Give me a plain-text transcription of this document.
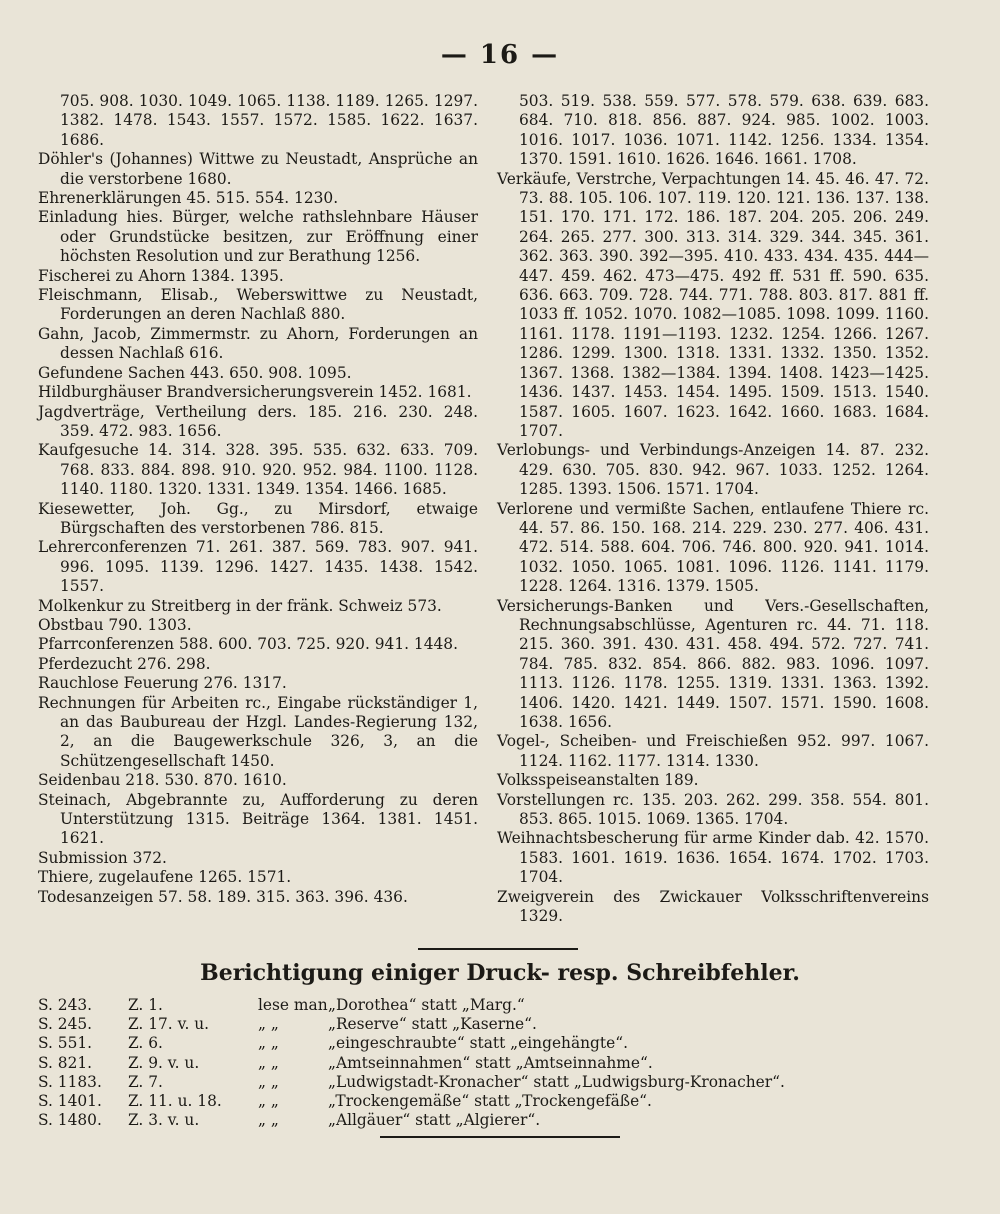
— 16 —

705. 908. 1030. 1049. 1065. 1138. 1189. 1265. 1297. 1382. 1478. 1543. 1557. 1572. 1585. 1622. 1637. 1686.

Döhler's (Johannes) Wittwe zu Neustadt, Ansprüche an die verstorbene 1680.

Ehrenerklärungen 45. 515. 554. 1230.

Einladung hies. Bürger, welche rathslehnbare Häuser oder Grundstücke besitzen, zur Eröffnung einer höchsten Resolution und zur Berathung 1256.

Fischerei zu Ahorn 1384. 1395.

Fleischmann, Elisab., Weberswittwe zu Neustadt, Forderungen an deren Nachlaß 880.

Gahn, Jacob, Zimmermstr. zu Ahorn, Forderungen an dessen Nachlaß 616.

Gefundene Sachen 443. 650. 908. 1095.

Hildburghäuser Brandversicherungsverein 1452. 1681.

Jagdverträge, Vertheilung ders. 185. 216. 230. 248. 359. 472. 983. 1656.

Kaufgesuche 14. 314. 328. 395. 535. 632. 633. 709. 768. 833. 884. 898. 910. 920. 952. 984. 1100. 1128. 1140. 1180. 1320. 1331. 1349. 1354. 1466. 1685.

Kiesewetter, Joh. Gg., zu Mirsdorf, etwaige Bürgschaften des verstorbenen 786. 815.

Lehrerconferenzen 71. 261. 387. 569. 783. 907. 941. 996. 1095. 1139. 1296. 1427. 1435. 1438. 1542. 1557.

Molkenkur zu Streitberg in der fränk. Schweiz 573.

Obstbau 790. 1303.

Pfarrconferenzen 588. 600. 703. 725. 920. 941. 1448.

Pferdezucht 276. 298.

Rauchlose Feuerung 276. 1317.

Rechnungen für Arbeiten rc., Eingabe rückständiger 1, an das Baubureau der Hzgl. Landes-Regierung 132, 2, an die Baugewerkschule 326, 3, an die Schützengesellschaft 1450.

Seidenbau 218. 530. 870. 1610.

Steinach, Abgebrannte zu, Aufforderung zu deren Unterstützung 1315. Beiträge 1364. 1381. 1451. 1621.

Submission 372.

Thiere, zugelaufene 1265. 1571.

Todesanzeigen 57. 58. 189. 315. 363. 396. 436.

503. 519. 538. 559. 577. 578. 579. 638. 639. 683. 684. 710. 818. 856. 887. 924. 985. 1002. 1003. 1016. 1017. 1036. 1071. 1142. 1256. 1334. 1354. 1370. 1591. 1610. 1626. 1646. 1661. 1708.

Verkäufe, Verstrche, Verpachtungen 14. 45. 46. 47. 72. 73. 88. 105. 106. 107. 119. 120. 121. 136. 137. 138. 151. 170. 171. 172. 186. 187. 204. 205. 206. 249. 264. 265. 277. 300. 313. 314. 329. 344. 345. 361. 362. 363. 390. 392—395. 410. 433. 434. 435. 444—447. 459. 462. 473—475. 492 ff. 531 ff. 590. 635. 636. 663. 709. 728. 744. 771. 788. 803. 817. 881 ff. 1033 ff. 1052. 1070. 1082—1085. 1098. 1099. 1160. 1161. 1178. 1191—1193. 1232. 1254. 1266. 1267. 1286. 1299. 1300. 1318. 1331. 1332. 1350. 1352. 1367. 1368. 1382—1384. 1394. 1408. 1423—1425. 1436. 1437. 1453. 1454. 1495. 1509. 1513. 1540. 1587. 1605. 1607. 1623. 1642. 1660. 1683. 1684. 1707.

Verlobungs- und Verbindungs-Anzeigen 14. 87. 232. 429. 630. 705. 830. 942. 967. 1033. 1252. 1264. 1285. 1393. 1506. 1571. 1704.

Verlorene und vermißte Sachen, entlaufene Thiere rc. 44. 57. 86. 150. 168. 214. 229. 230. 277. 406. 431. 472. 514. 588. 604. 706. 746. 800. 920. 941. 1014. 1032. 1050. 1065. 1081. 1096. 1126. 1141. 1179. 1228. 1264. 1316. 1379. 1505.

Versicherungs-Banken und Vers.-Gesellschaften, Rechnungsabschlüsse, Agenturen rc. 44. 71. 118. 215. 360. 391. 430. 431. 458. 494. 572. 727. 741. 784. 785. 832. 854. 866. 882. 983. 1096. 1097. 1113. 1126. 1178. 1255. 1319. 1331. 1363. 1392. 1406. 1420. 1421. 1449. 1507. 1571. 1590. 1608. 1638. 1656.

Vogel-, Scheiben- und Freischießen 952. 997. 1067. 1124. 1162. 1177. 1314. 1330.

Volksspeiseanstalten 189.

Vorstellungen rc. 135. 203. 262. 299. 358. 554. 801. 853. 865. 1015. 1069. 1365. 1704.

Weihnachtsbescherung für arme Kinder dab. 42. 1570. 1583. 1601. 1619. 1636. 1654. 1674. 1702. 1703. 1704.

Zweigverein des Zwickauer Volksschriftenvereins 1329.

Berichtigung einiger Druck- resp. Schreibfehler.
S. 243.	Z. 1.	lese man „Dorothea“ statt „Marg.“
S. 245.	Z. 17. v. u.	„ „	„Reserve“ statt „Kaserne“.
S. 551.	Z. 6.	„ „	„eingeschraubte“ statt „eingehängte“.
S. 821.	Z. 9. v. u.	„ „	„Amtseinnahmen“ statt „Amtseinnahme“.
S. 1183.	Z. 7.	„ „	„Ludwigstadt-Kronacher“ statt „Ludwigsburg-Kronacher“.
S. 1401.	Z. 11. u. 18.	„ „	„Trockengemäße“ statt „Trockengefäße“.
S. 1480.	Z. 3. v. u.	„ „	„Allgäuer“ statt „Algierer“.
